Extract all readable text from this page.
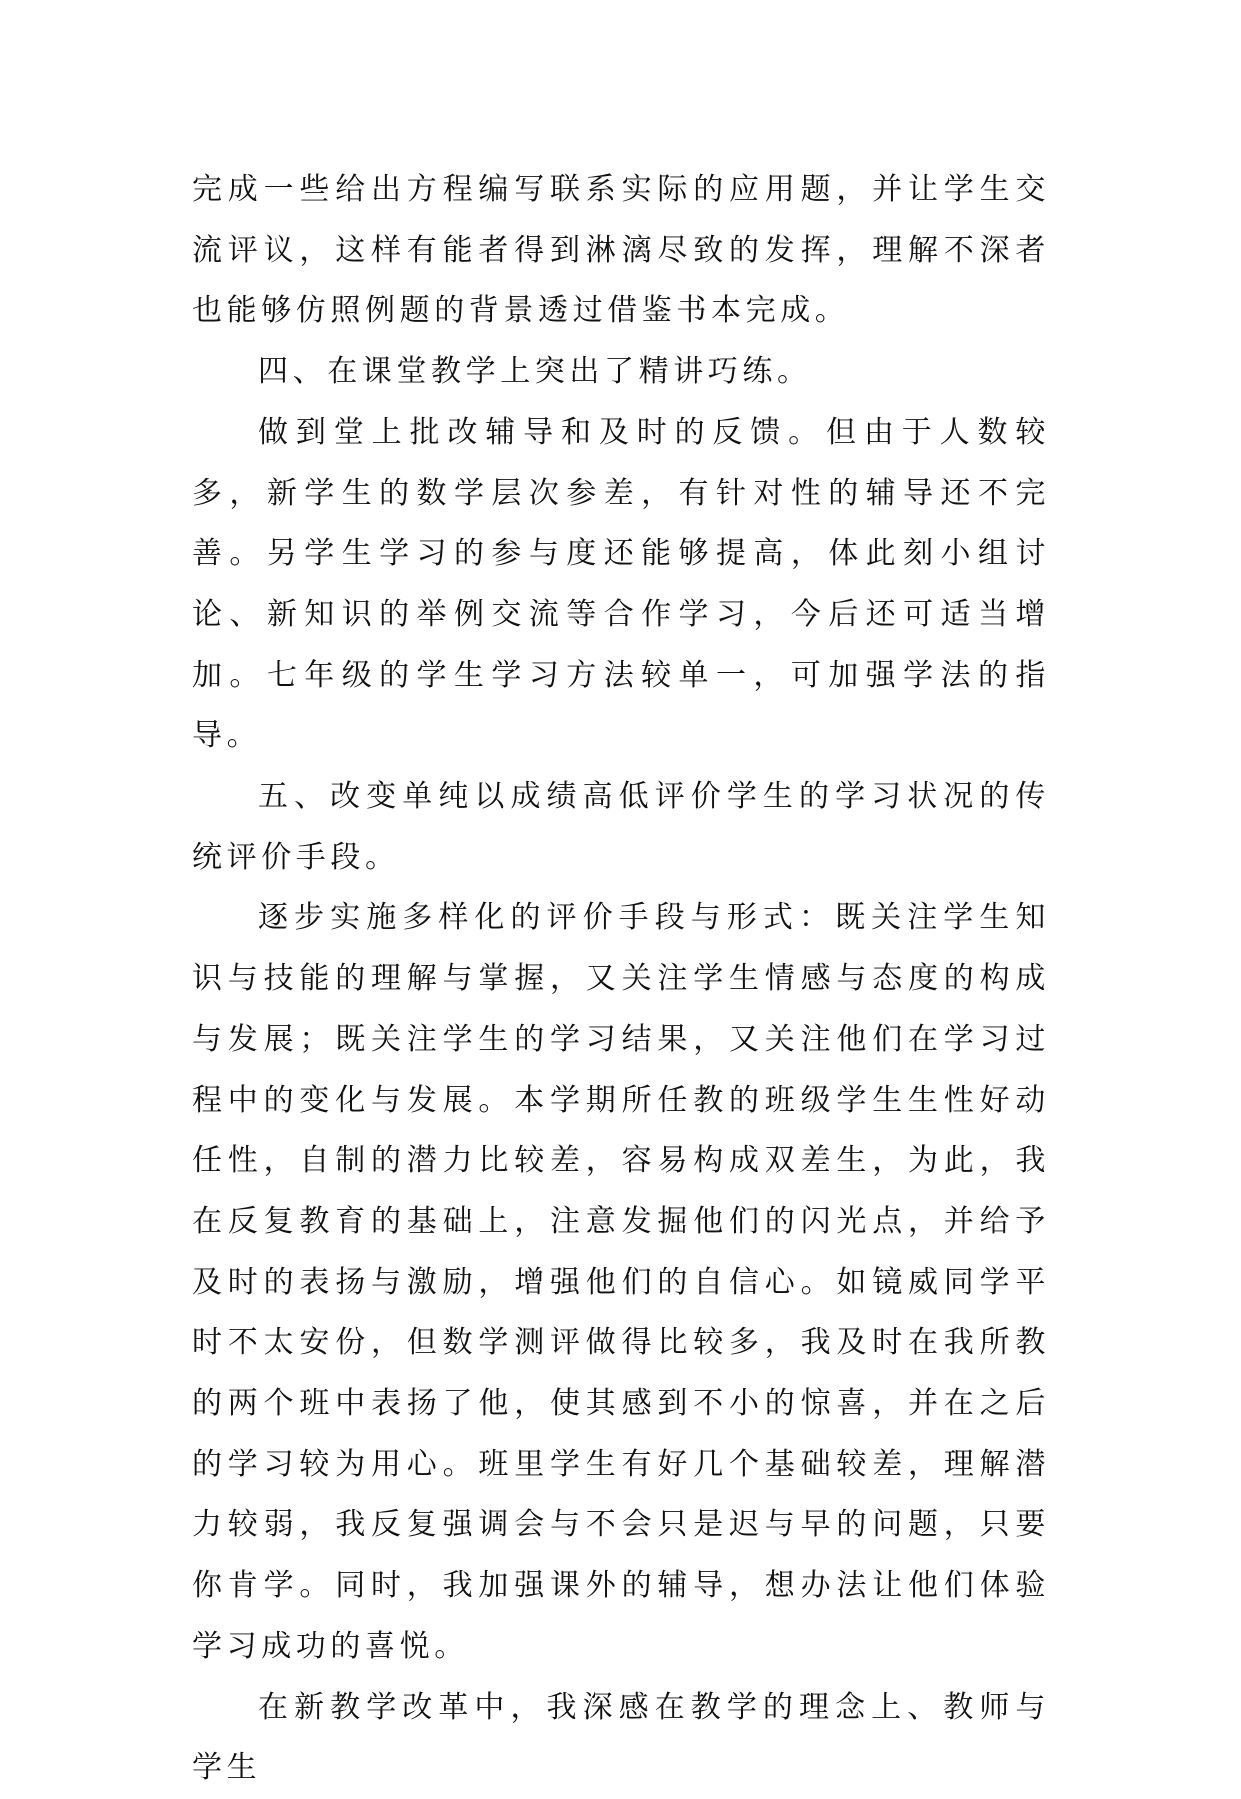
完成一些给出方程编写联系实际的应用题，并让学生交流评议，这样有能者得到淋漓尽致的发挥，理解不深者也能够仿照例题的背景透过借鉴书本完成。

四、在课堂教学上突出了精讲巧练。

做到堂上批改辅导和及时的反馈。但由于人数较多，新学生的数学层次参差，有针对性的辅导还不完善。另学生学习的参与度还能够提高，体此刻小组讨论、新知识的举例交流等合作学习，今后还可适当增加。七年级的学生学习方法较单一，可加强学法的指导。

五、改变单纯以成绩高低评价学生的学习状况的传统评价手段。

逐步实施多样化的评价手段与形式：既关注学生知识与技能的理解与掌握，又关注学生情感与态度的构成与发展；既关注学生的学习结果，又关注他们在学习过程中的变化与发展。本学期所任教的班级学生生性好动任性，自制的潜力比较差，容易构成双差生，为此，我在反复教育的基础上，注意发掘他们的闪光点，并给予及时的表扬与激励，增强他们的自信心。如镜威同学平时不太安份，但数学测评做得比较多，我及时在我所教的两个班中表扬了他，使其感到不小的惊喜，并在之后的学习较为用心。班里学生有好几个基础较差，理解潜力较弱，我反复强调会与不会只是迟与早的问题，只要你肯学。同时，我加强课外的辅导，想办法让他们体验学习成功的喜悦。

在新教学改革中，我深感在教学的理念上、教师与学生
